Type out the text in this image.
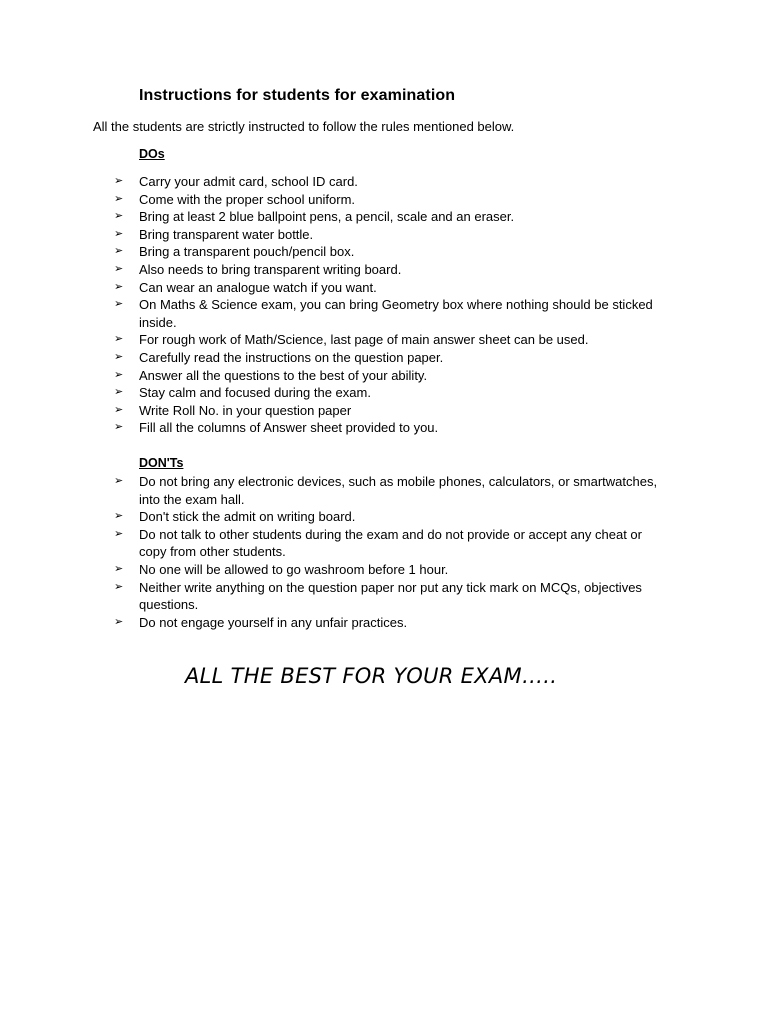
Instructions for students for examination
All the students are strictly instructed to follow the rules mentioned below.
DOs
➢ Carry your admit card, school ID card.
➢ Come with the proper school uniform.
➢ Bring at least 2 blue ballpoint pens, a pencil, scale and an eraser.
➢ Bring transparent water bottle.
➢ Bring a transparent pouch/pencil box.
➢ Also needs to bring transparent writing board.
➢ Can wear an analogue watch if you want.
➢ On Maths & Science exam, you can bring Geometry box where nothing should be sticked inside.
➢ For rough work of Math/Science, last page of main answer sheet can be used.
➢ Carefully read the instructions on the question paper.
➢ Answer all the questions to the best of your ability.
➢ Stay calm and focused during the exam.
➢ Write Roll No. in your question paper
➢ Fill all the columns of Answer sheet provided to you.
DON'Ts
➢ Do not bring any electronic devices, such as mobile phones, calculators, or smartwatches, into the exam hall.
➢ Don't stick the admit on writing board.
➢ Do not talk to other students during the exam and do not provide or accept any cheat or copy from other students.
➢ No one will be allowed to go washroom before 1 hour.
➢ Neither write anything on the question paper nor put any tick mark on MCQs, objectives questions.
➢ Do not engage yourself in any unfair practices.
ALL THE BEST FOR YOUR EXAM…..
